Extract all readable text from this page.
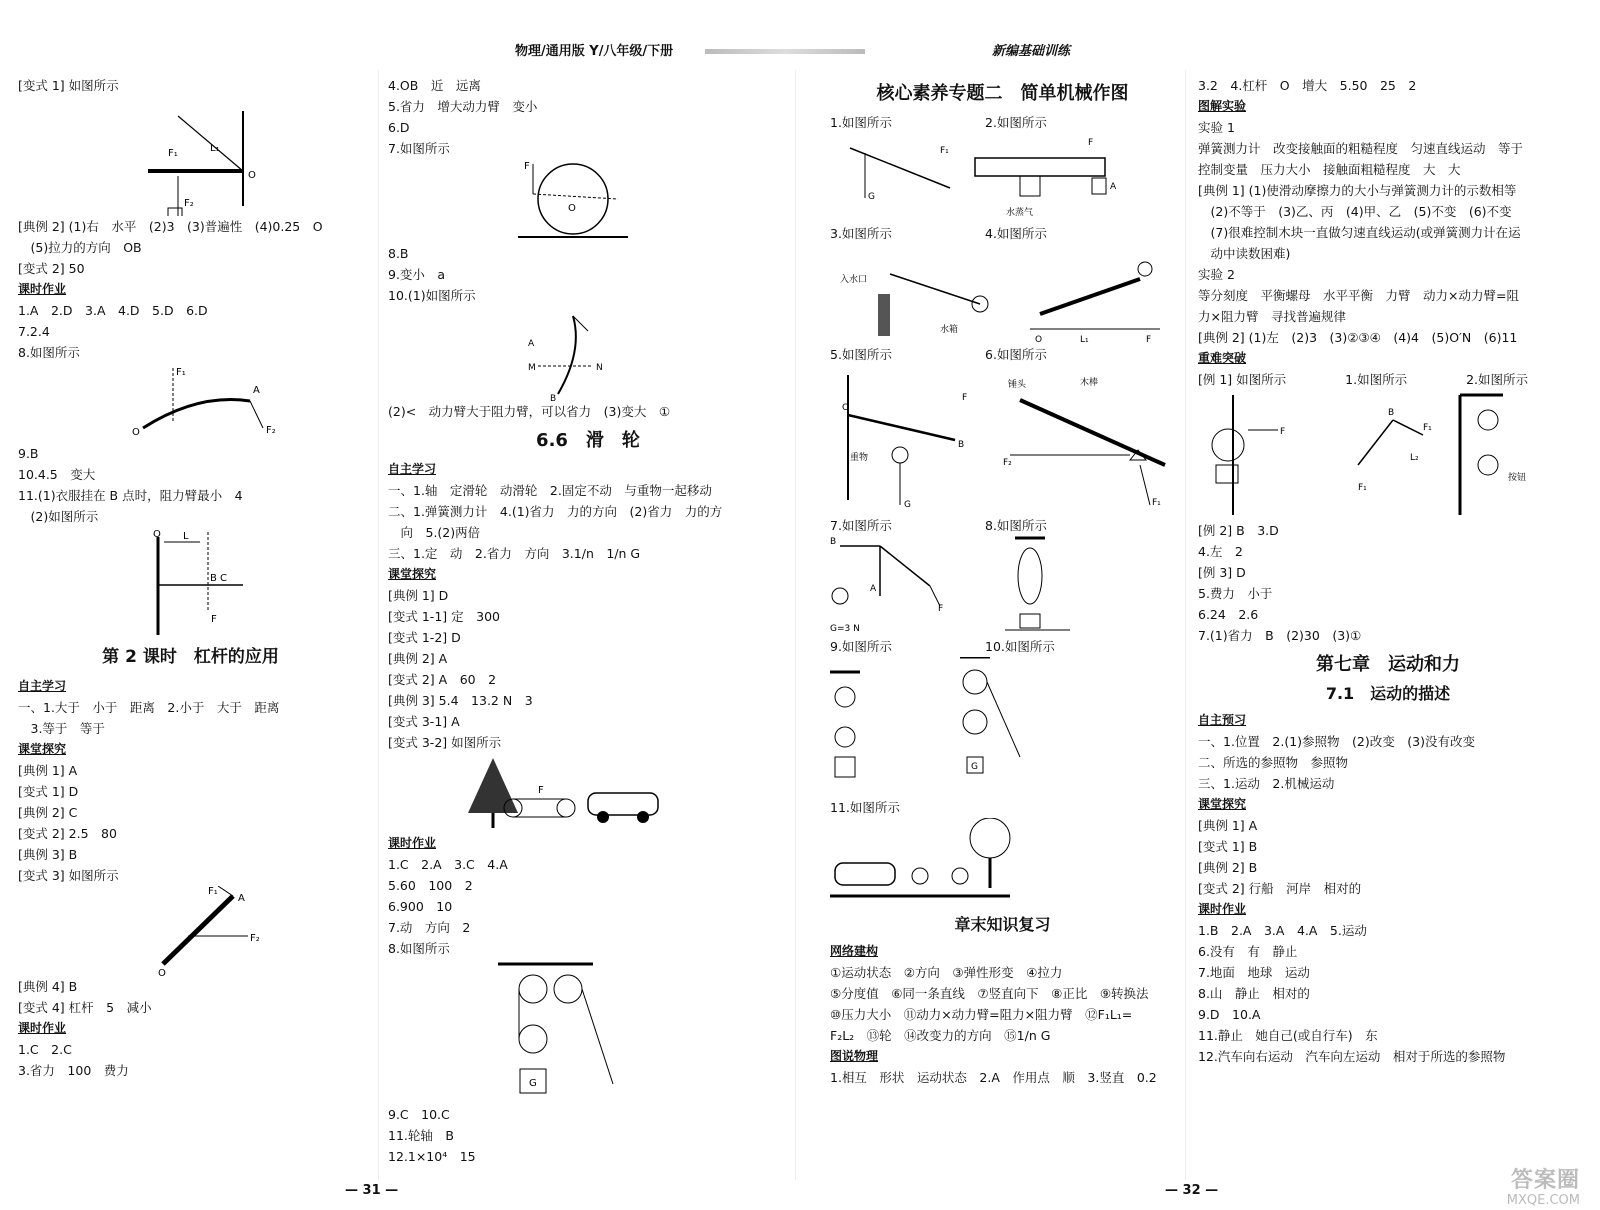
物理/通用版 Y/八年级/下册	新编基础训练
[变式 1] 如图所示
F₁	L₁
O
F₂
[典例 2] (1)右　水平　(2)3　(3)普遍性　(4)0.25　O
　(5)拉力的方向　OB
[变式 2] 50
课时作业
1.A　2.D　3.A　4.D　5.D　6.D
7.2.4
8.如图所示
O
A
F₁
F₂
9.B
10.4.5　变大
11.(1)衣服挂在 B 点时，阻力臂最小　4
　(2)如图所示
O L
B C
F
第 2 课时　杠杆的应用
自主学习
一、1.大于　小于　距离　2.小于　大于　距离
　3.等于　等于
课堂探究
[典例 1] A
[变式 1] D
[典例 2] C
[变式 2] 2.5　80
[典例 3] B
[变式 3] 如图所示
O
A
F₁
F₂
[典例 4] B
[变式 4] 杠杆　5　减小
课时作业
1.C　2.C
3.省力　100　费力
4.OB　近　远离
5.省力　增大动力臂　变小
6.D
7.如图所示
F
O
8.B
9.变小　a
10.(1)如图所示
A
M	N
B
(2)<　动力臂大于阻力臂，可以省力　(3)变大　①
6.6　滑　轮
自主学习
一、1.轴　定滑轮　动滑轮　2.固定不动　与重物一起移动
二、1.弹簧测力计　4.(1)省力　力的方向　(2)省力　力的方
　向　5.(2)两倍
三、1.定　动　2.省力　方向　3.1/n　1/n G
课堂探究
[典例 1] D
[变式 1-1] 定　300
[变式 1-2] D
[典例 2] A
[变式 2] A　60　2
[典例 3] 5.4　13.2 N　3
[变式 3-1] A
[变式 3-2] 如图所示
F
课时作业
1.C　2.A　3.C　4.A
5.60　100　2
6.900　10
7.动　方向　2
8.如图所示
G
9.C　10.C
11.轮轴　B
12.1×10⁴　15
核心素养专题二　简单机械作图
1.如图所示	2.如图所示
G
F₁
水蒸气
F
A
3.如图所示	4.如图所示
入水口
水箱
O	L₁	F
5.如图所示	6.如图所示
O
B
重物
G
F
锤头	木棒
F₂
F₁
7.如图所示	8.如图所示
B
A
F
G=3 N
9.如图所示	10.如图所示
G
11.如图所示
章末知识复习
网络建构
①运动状态　②方向　③弹性形变　④拉力
⑤分度值　⑥同一条直线　⑦竖直向下　⑧正比　⑨转换法
⑩压力大小　⑪动力×动力臂=阻力×阻力臂　⑫F₁L₁=
F₂L₂　⑬轮　⑭改变力的方向　⑮1/n G
图说物理
1.相互　形状　运动状态　2.A　作用点　顺　3.竖直　0.2
3.2　4.杠杆　O　增大　5.50　25　2
图解实验
实验 1
弹簧测力计　改变接触面的粗糙程度　匀速直线运动　等于
控制变量　压力大小　接触面粗糙程度　大　大
[典例 1] (1)使滑动摩擦力的大小与弹簧测力计的示数相等
　(2)不等于　(3)乙、丙　(4)甲、乙　(5)不变　(6)不变
　(7)很难控制木块一直做匀速直线运动(或弹簧测力计在运
　动中读数困难)
实验 2
等分刻度　平衡螺母　水平平衡　力臂　动力×动力臂=阻
力×阻力臂　寻找普遍规律
[典例 2] (1)左　(2)3　(3)②③④　(4)4　(5)O′N　(6)11
重难突破
[例 1] 如图所示	1.如图所示	2.如图所示
F
B
F₁
L₂
F₁
按钮
[例 2] B　3.D
4.左　2
[例 3] D
5.费力　小于
6.24　2.6
7.(1)省力　B　(2)30　(3)①
第七章　运动和力
7.1　运动的描述
自主预习
一、1.位置　2.(1)参照物　(2)改变　(3)没有改变
二、所选的参照物　参照物
三、1.运动　2.机械运动
课堂探究
[典例 1] A
[变式 1] B
[典例 2] B
[变式 2] 行船　河岸　相对的
课时作业
1.B　2.A　3.A　4.A　5.运动
6.没有　有　静止
7.地面　地球　运动
8.山　静止　相对的
9.D　10.A
11.静止　她自己(或自行车)　东
12.汽车向右运动　汽车向左运动　相对于所选的参照物
— 31 —	— 32 —	答案圈
MXQE.COM
